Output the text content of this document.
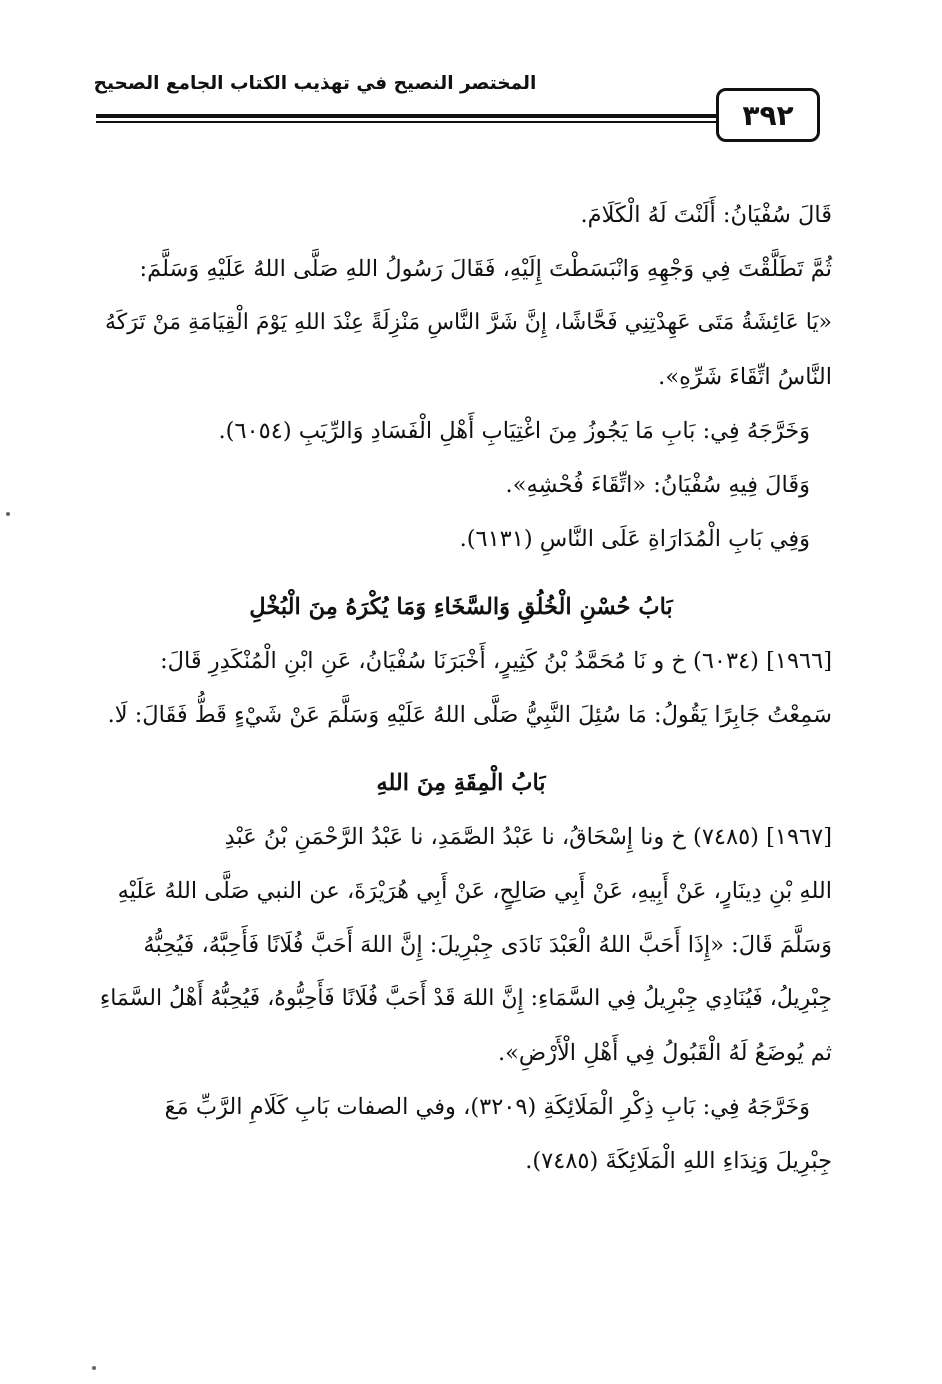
المختصر النصيح في تهذيب الكتاب الجامع الصحيح
٣٩٢

قَالَ سُفْيَانُ: أَلَنْتَ لَهُ الْكَلَامَ.

ثُمَّ تَطَلَّقْتَ فِي وَجْهِهِ وَانْبَسَطْتَ إِلَيْهِ، فَقَالَ رَسُولُ اللهِ صَلَّى اللهُ عَلَيْهِ وَسَلَّمَ:

«يَا عَائِشَةُ مَتَى عَهِدْتِنِي فَحَّاشًا، إِنَّ شَرَّ النَّاسِ مَنْزِلَةً عِنْدَ اللهِ يَوْمَ الْقِيَامَةِ مَنْ تَرَكَهُ

النَّاسُ اتِّقَاءَ شَرِّهِ».

وَخَرَّجَهُ فِي: بَابِ مَا يَجُوزُ مِنَ اغْتِيَابِ أَهْلِ الْفَسَادِ وَالرِّيَبِ (٦٠٥٤).

وَقَالَ فِيهِ سُفْيَانُ: «اتِّقَاءَ فُحْشِهِ».

وَفِي بَابِ الْمُدَارَاةِ عَلَى النَّاسِ (٦١٣١).

بَابُ حُسْنِ الْخُلُقِ وَالسَّخَاءِ وَمَا يُكْرَهُ مِنَ الْبُخْلِ

[١٩٦٦] (٦٠٣٤) خ و نَا مُحَمَّدُ بْنُ كَثِيرٍ، أَخْبَرَنَا سُفْيَانُ، عَنِ ابْنِ الْمُنْكَدِرِ قَالَ:

سَمِعْتُ جَابِرًا يَقُولُ: مَا سُئِلَ النَّبِيُّ صَلَّى اللهُ عَلَيْهِ وَسَلَّمَ عَنْ شَيْءٍ قَطُّ فَقَالَ: لَا.

بَابُ الْمِقَةِ مِنَ اللهِ

[١٩٦٧] (٧٤٨٥) خ ونا إِسْحَاقُ، نا عَبْدُ الصَّمَدِ، نا عَبْدُ الرَّحْمَنِ بْنُ عَبْدِ

اللهِ بْنِ دِينَارٍ، عَنْ أَبِيهِ، عَنْ أَبِي صَالِحٍ، عَنْ أَبِي هُرَيْرَةَ، عن النبي صَلَّى اللهُ عَلَيْهِ

وَسَلَّمَ قَالَ: «إِذَا أَحَبَّ اللهُ الْعَبْدَ نَادَى جِبْرِيلَ: إِنَّ اللهَ أَحَبَّ فُلَانًا فَأَحِبَّهُ، فَيُحِبُّهُ

جِبْرِيلُ، فَيُنَادِي جِبْرِيلُ فِي السَّمَاءِ: إِنَّ اللهَ قَدْ أَحَبَّ فُلَانًا فَأَحِبُّوهُ، فَيُحِبُّهُ أَهْلُ السَّمَاءِ

ثم يُوضَعُ لَهُ الْقَبُولُ فِي أَهْلِ الْأَرْضِ».

وَخَرَّجَهُ فِي: بَابِ ذِكْرِ الْمَلَائِكَةِ (٣٢٠٩)، وفي الصفات بَابِ كَلَامِ الرَّبِّ مَعَ

جِبْرِيلَ وَنِدَاءِ اللهِ الْمَلَائِكَةَ (٧٤٨٥).
